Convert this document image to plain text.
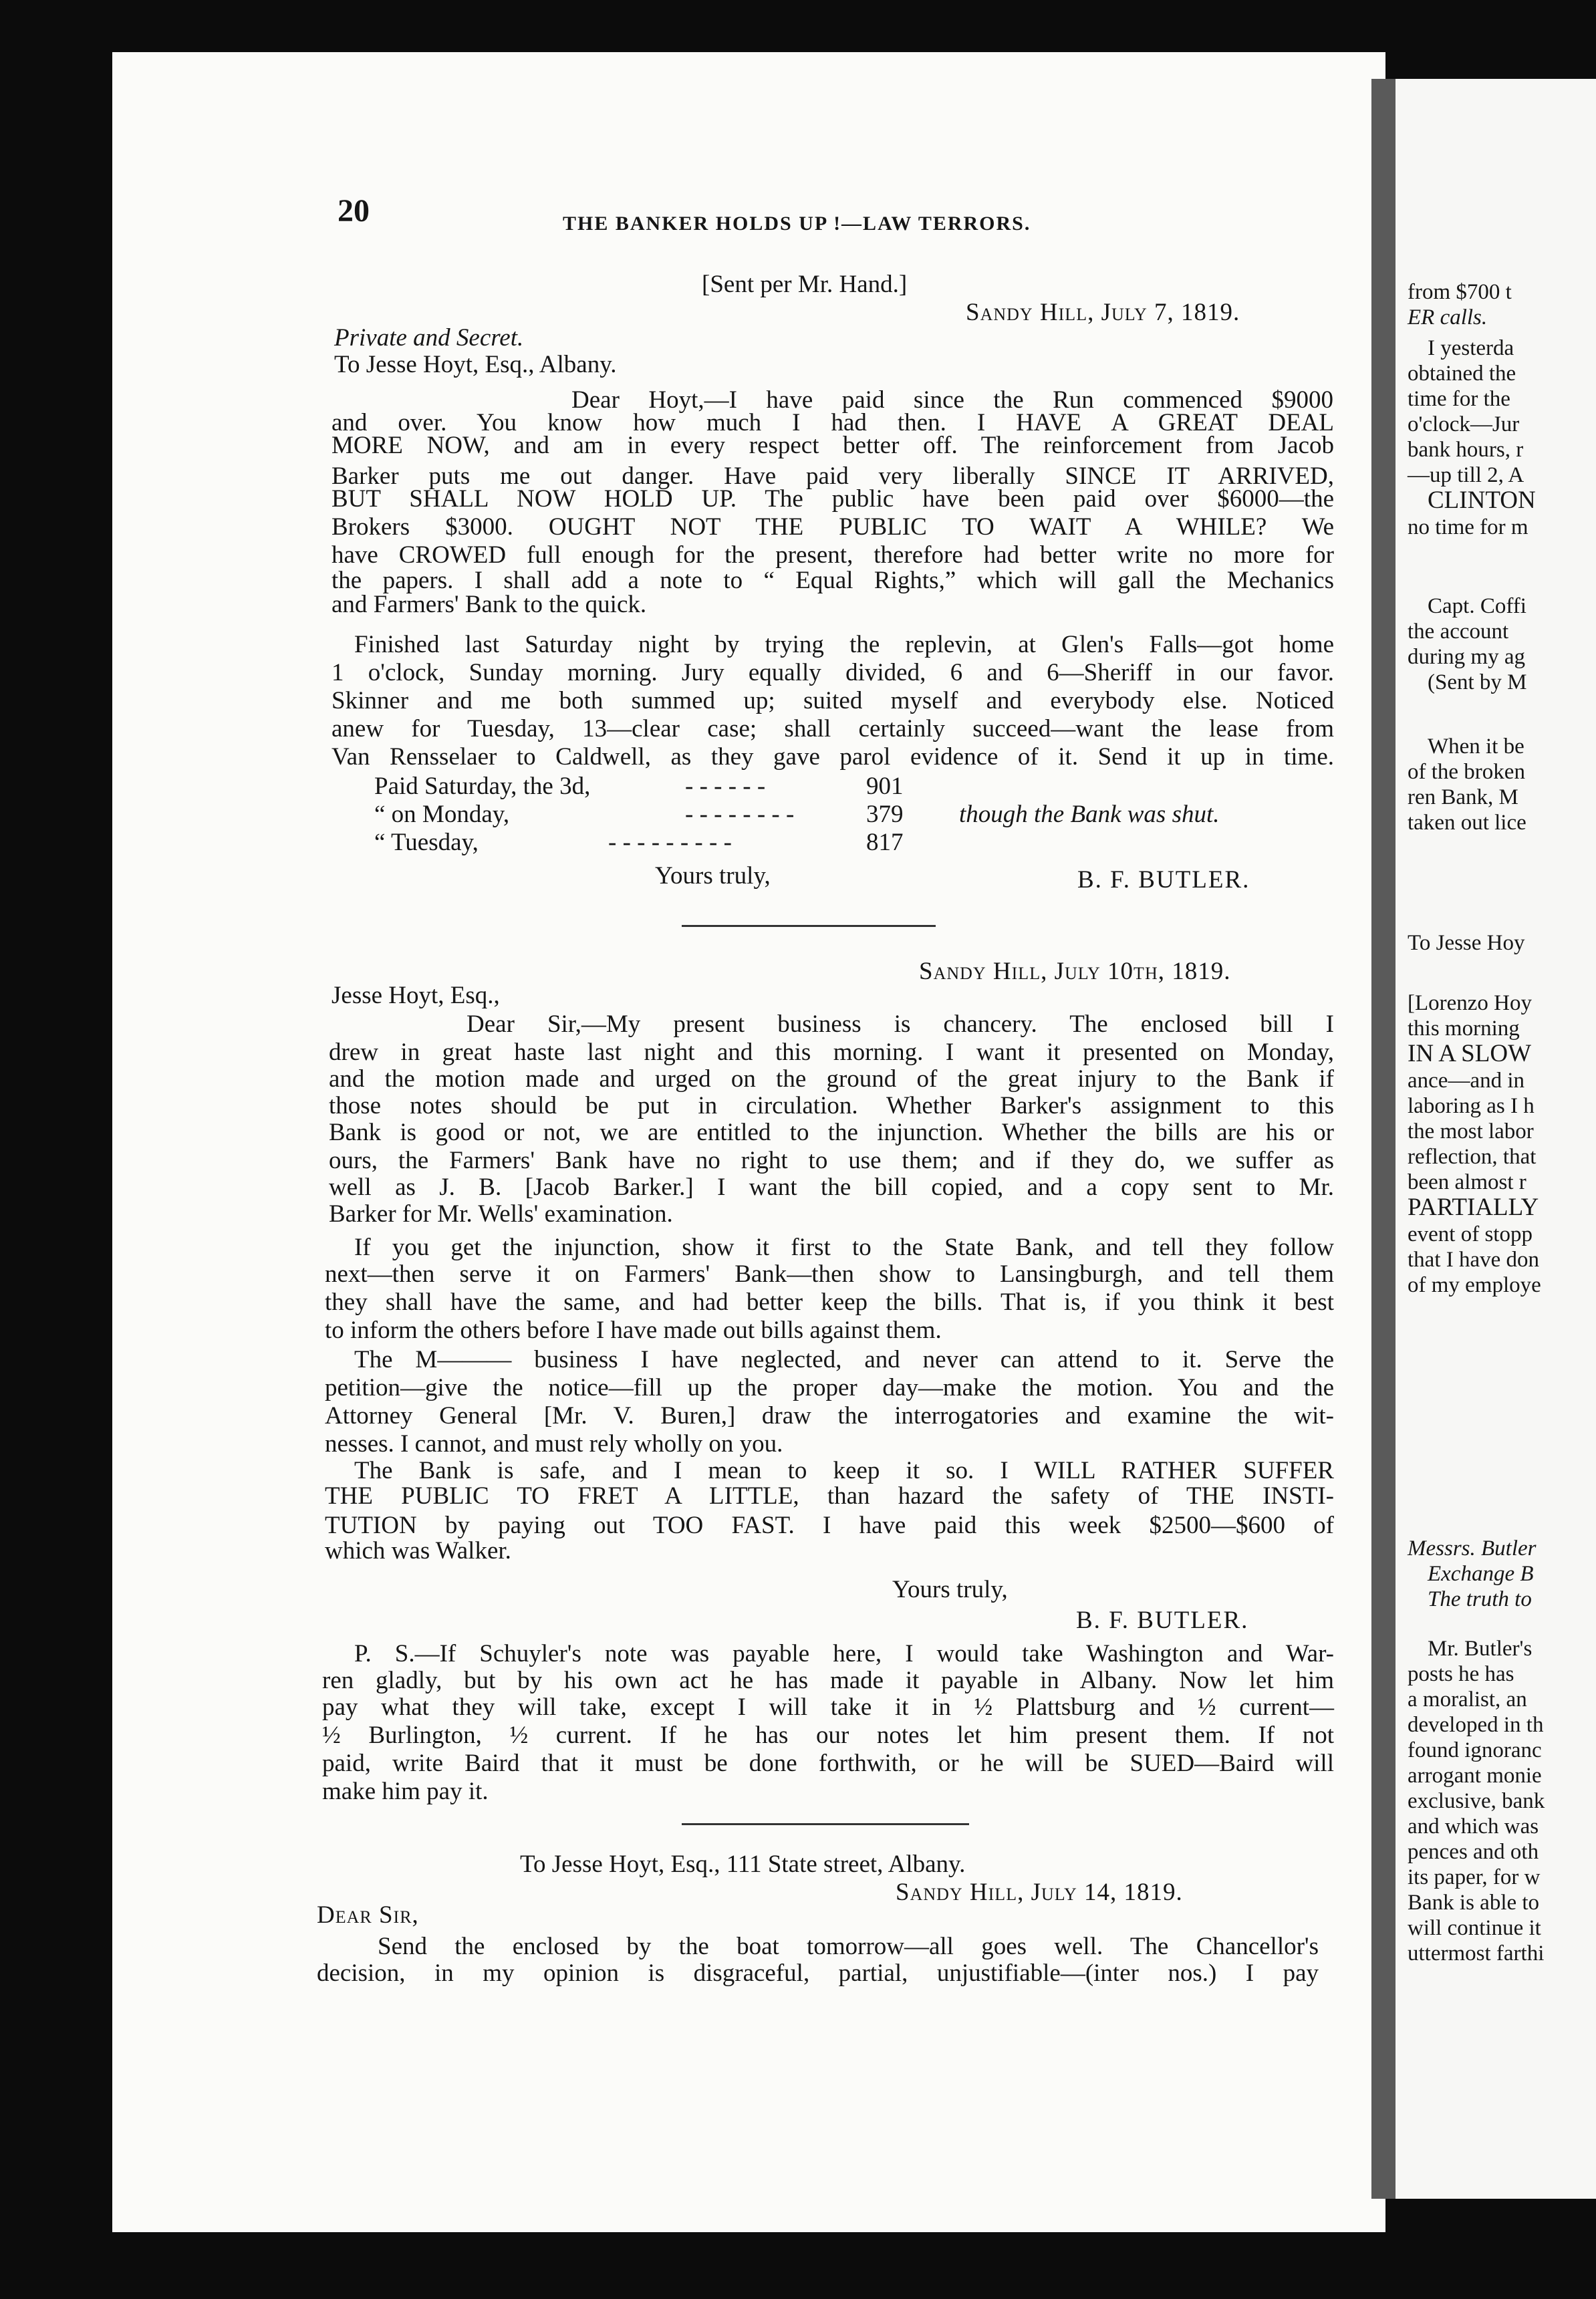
20	THE BANKER HOLDS UP !—LAW TERRORS.
[Sent per Mr. Hand.]
Sandy Hill, July 7, 1819.
Private and Secret.
To Jesse Hoyt, Esq., Albany.
Dear Hoyt,—I have paid since the Run commenced $9000
and over. You know how much I had then. I HAVE A GREAT DEAL
MORE NOW, and am in every respect better off. The reinforcement from Jacob
Barker puts me out danger. Have paid very liberally SINCE IT ARRIVED,
BUT SHALL NOW HOLD UP. The public have been paid over $6000—the
Brokers $3000. OUGHT NOT THE PUBLIC TO WAIT A WHILE? We
have CROWED full enough for the present, therefore had better write no more for
the papers. I shall add a note to “ Equal Rights,” which will gall the Mechanics
and Farmers' Bank to the quick.
Finished last Saturday night by trying the replevin, at Glen's Falls—got home
1 o'clock, Sunday morning. Jury equally divided, 6 and 6—Sheriff in our favor.
Skinner and me both summed up; suited myself and everybody else. Noticed
anew for Tuesday, 13—clear case; shall certainly succeed—want the lease from
Van Rensselaer to Caldwell, as they gave parol evidence of it. Send it up in time.
Paid Saturday, the 3d,	- - - - - -	901
“ on Monday,	- - - - - - - -	379 though the Bank was shut.
“ Tuesday,	- - - - - - - - -	817
Yours truly,	B. F. BUTLER.
Sandy Hill, July 10th, 1819.
Jesse Hoyt, Esq.,
Dear Sir,—My present business is chancery. The enclosed bill I
drew in great haste last night and this morning. I want it presented on Monday,
and the motion made and urged on the ground of the great injury to the Bank if
those notes should be put in circulation. Whether Barker's assignment to this
Bank is good or not, we are entitled to the injunction. Whether the bills are his or
ours, the Farmers' Bank have no right to use them; and if they do, we suffer as
well as J. B. [Jacob Barker.] I want the bill copied, and a copy sent to Mr.
Barker for Mr. Wells' examination.
If you get the injunction, show it first to the State Bank, and tell they follow
next—then serve it on Farmers' Bank—then show to Lansingburgh, and tell them
they shall have the same, and had better keep the bills. That is, if you think it best
to inform the others before I have made out bills against them.
The M——— business I have neglected, and never can attend to it. Serve the
petition—give the notice—fill up the proper day—make the motion. You and the
Attorney General [Mr. V. Buren,] draw the interrogatories and examine the wit-
nesses. I cannot, and must rely wholly on you.
The Bank is safe, and I mean to keep it so. I WILL RATHER SUFFER
THE PUBLIC TO FRET A LITTLE, than hazard the safety of THE INSTI-
TUTION by paying out TOO FAST. I have paid this week $2500—$600 of
which was Walker.
Yours truly,
B. F. BUTLER.
P. S.—If Schuyler's note was payable here, I would take Washington and War-
ren gladly, but by his own act he has made it payable in Albany. Now let him
pay what they will take, except I will take it in ½ Plattsburg and ½ current—
½ Burlington, ½ current. If he has our notes let him present them. If not
paid, write Baird that it must be done forthwith, or he will be SUED—Baird will
make him pay it.
To Jesse Hoyt, Esq., 111 State street, Albany.
Sandy Hill, July 14, 1819.
Dear Sir,
Send the enclosed by the boat tomorrow—all goes well. The Chancellor's
decision, in my opinion is disgraceful, partial, unjustifiable—(inter nos.) I pay
from $700 t
ER calls.
I yesterda
obtained the
time for the
o'clock—Jur
bank hours, r
—up till 2, A
CLINTON
no time for m
Capt. Coffi
the account
during my ag
(Sent by M
When it be
of the broken
ren Bank, M
taken out lice
To Jesse Hoy
[Lorenzo Hoy
this morning
IN A SLOW
ance—and in
laboring as I h
the most labor
reflection, that
been almost r
PARTIALLY
event of stopp
that I have don
of my employe
Messrs. Butler
Exchange B
The truth to
Mr. Butler's
posts he has
a moralist, an
developed in th
found ignoranc
arrogant monie
exclusive, bank
and which was
pences and oth
its paper, for w
Bank is able to
will continue it
uttermost farthi
